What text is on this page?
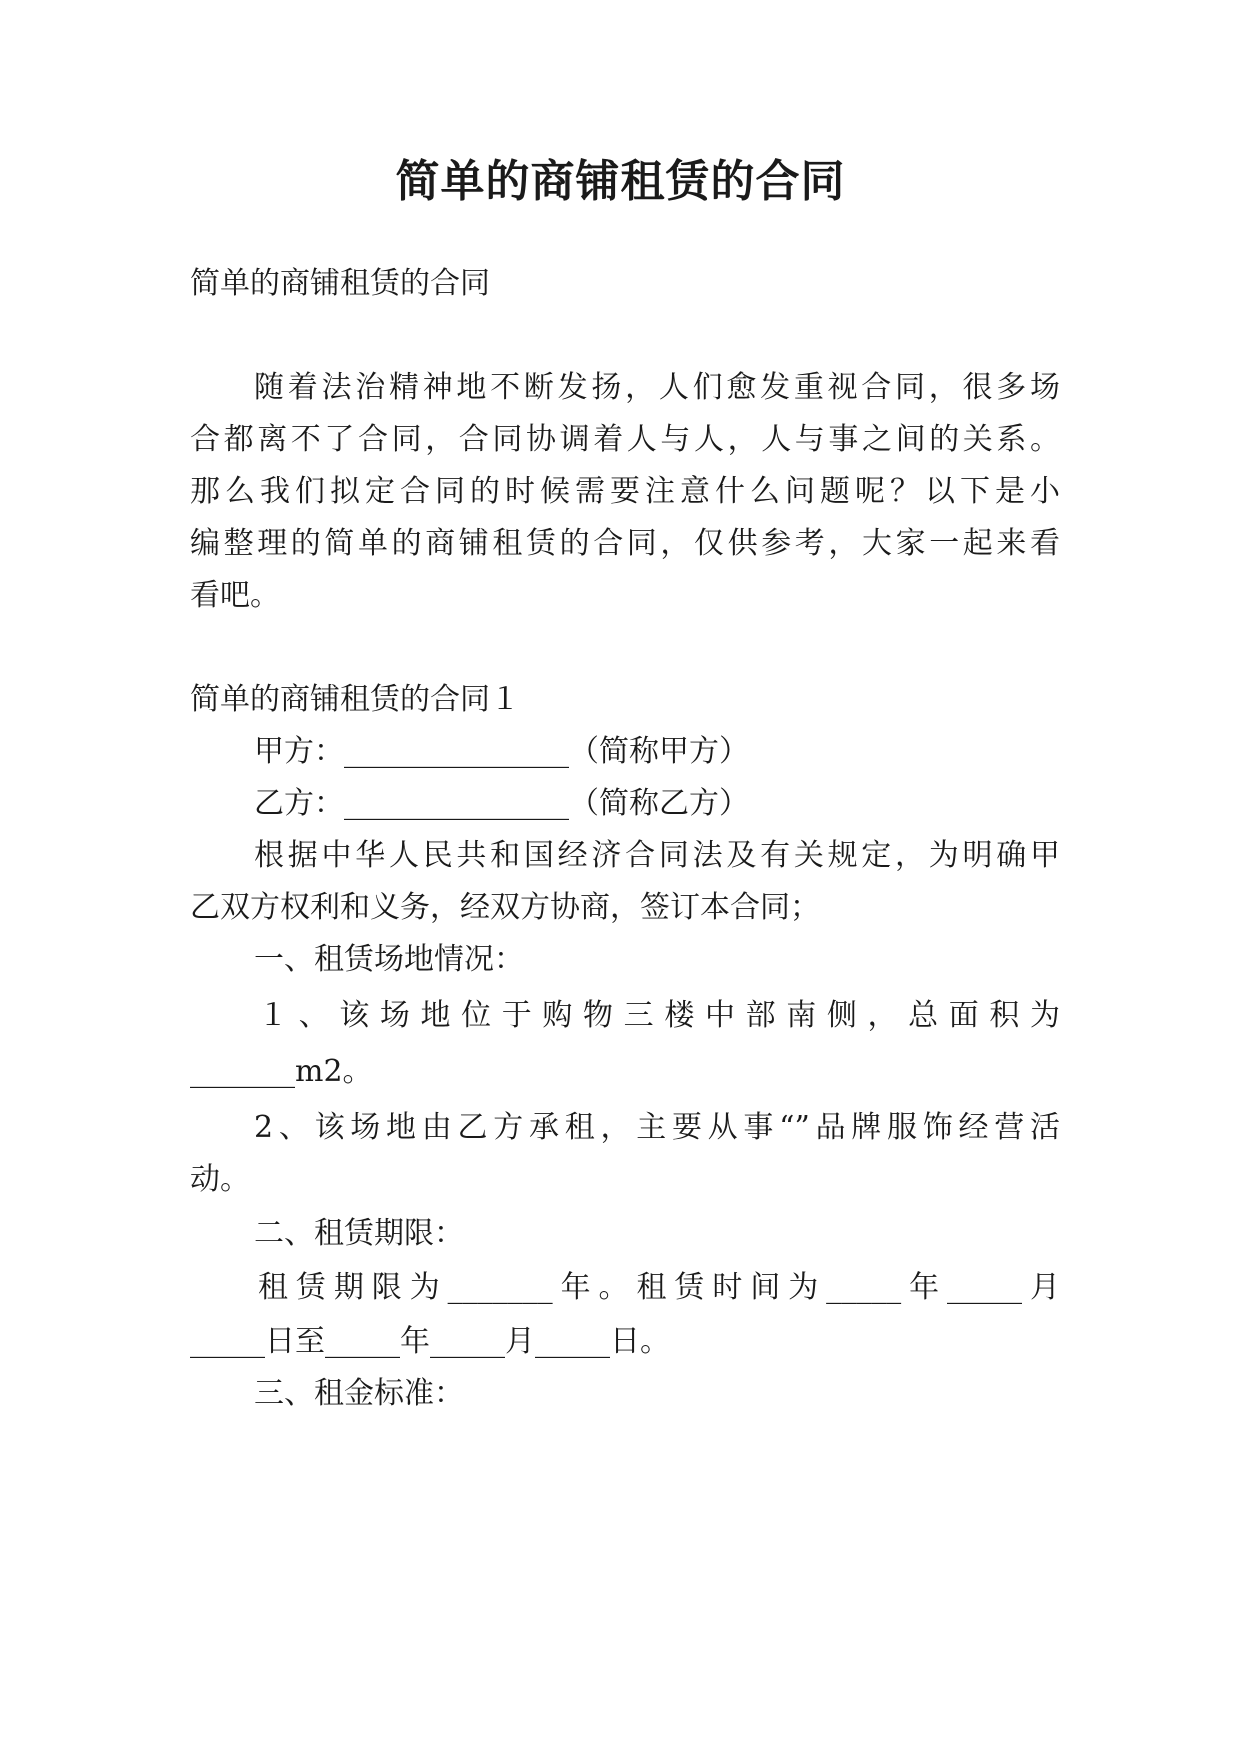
简单的商铺租赁的合同
简单的商铺租赁的合同
随着法治精神地不断发扬，人们愈发重视合同，很多场
合都离不了合同，合同协调着人与人，人与事之间的关系。
那么我们拟定合同的时候需要注意什么问题呢？以下是小
编整理的简单的商铺租赁的合同，仅供参考，大家一起来看
看吧。
简单的商铺租赁的合同１
甲方：_______________（简称甲方）
乙方：_______________（简称乙方）
根据中华人民共和国经济合同法及有关规定，为明确甲
乙双方权利和义务，经双方协商，签订本合同；
一、租赁场地情况：
１、该场地位于购物三楼中部南侧，总面积为
_______m2。
2、该场地由乙方承租，主要从事“”品牌服饰经营活
动。
二、租赁期限：
租赁期限为_______年。租赁时间为_____年_____月
_____日至_____年_____月_____日。
三、租金标准：
